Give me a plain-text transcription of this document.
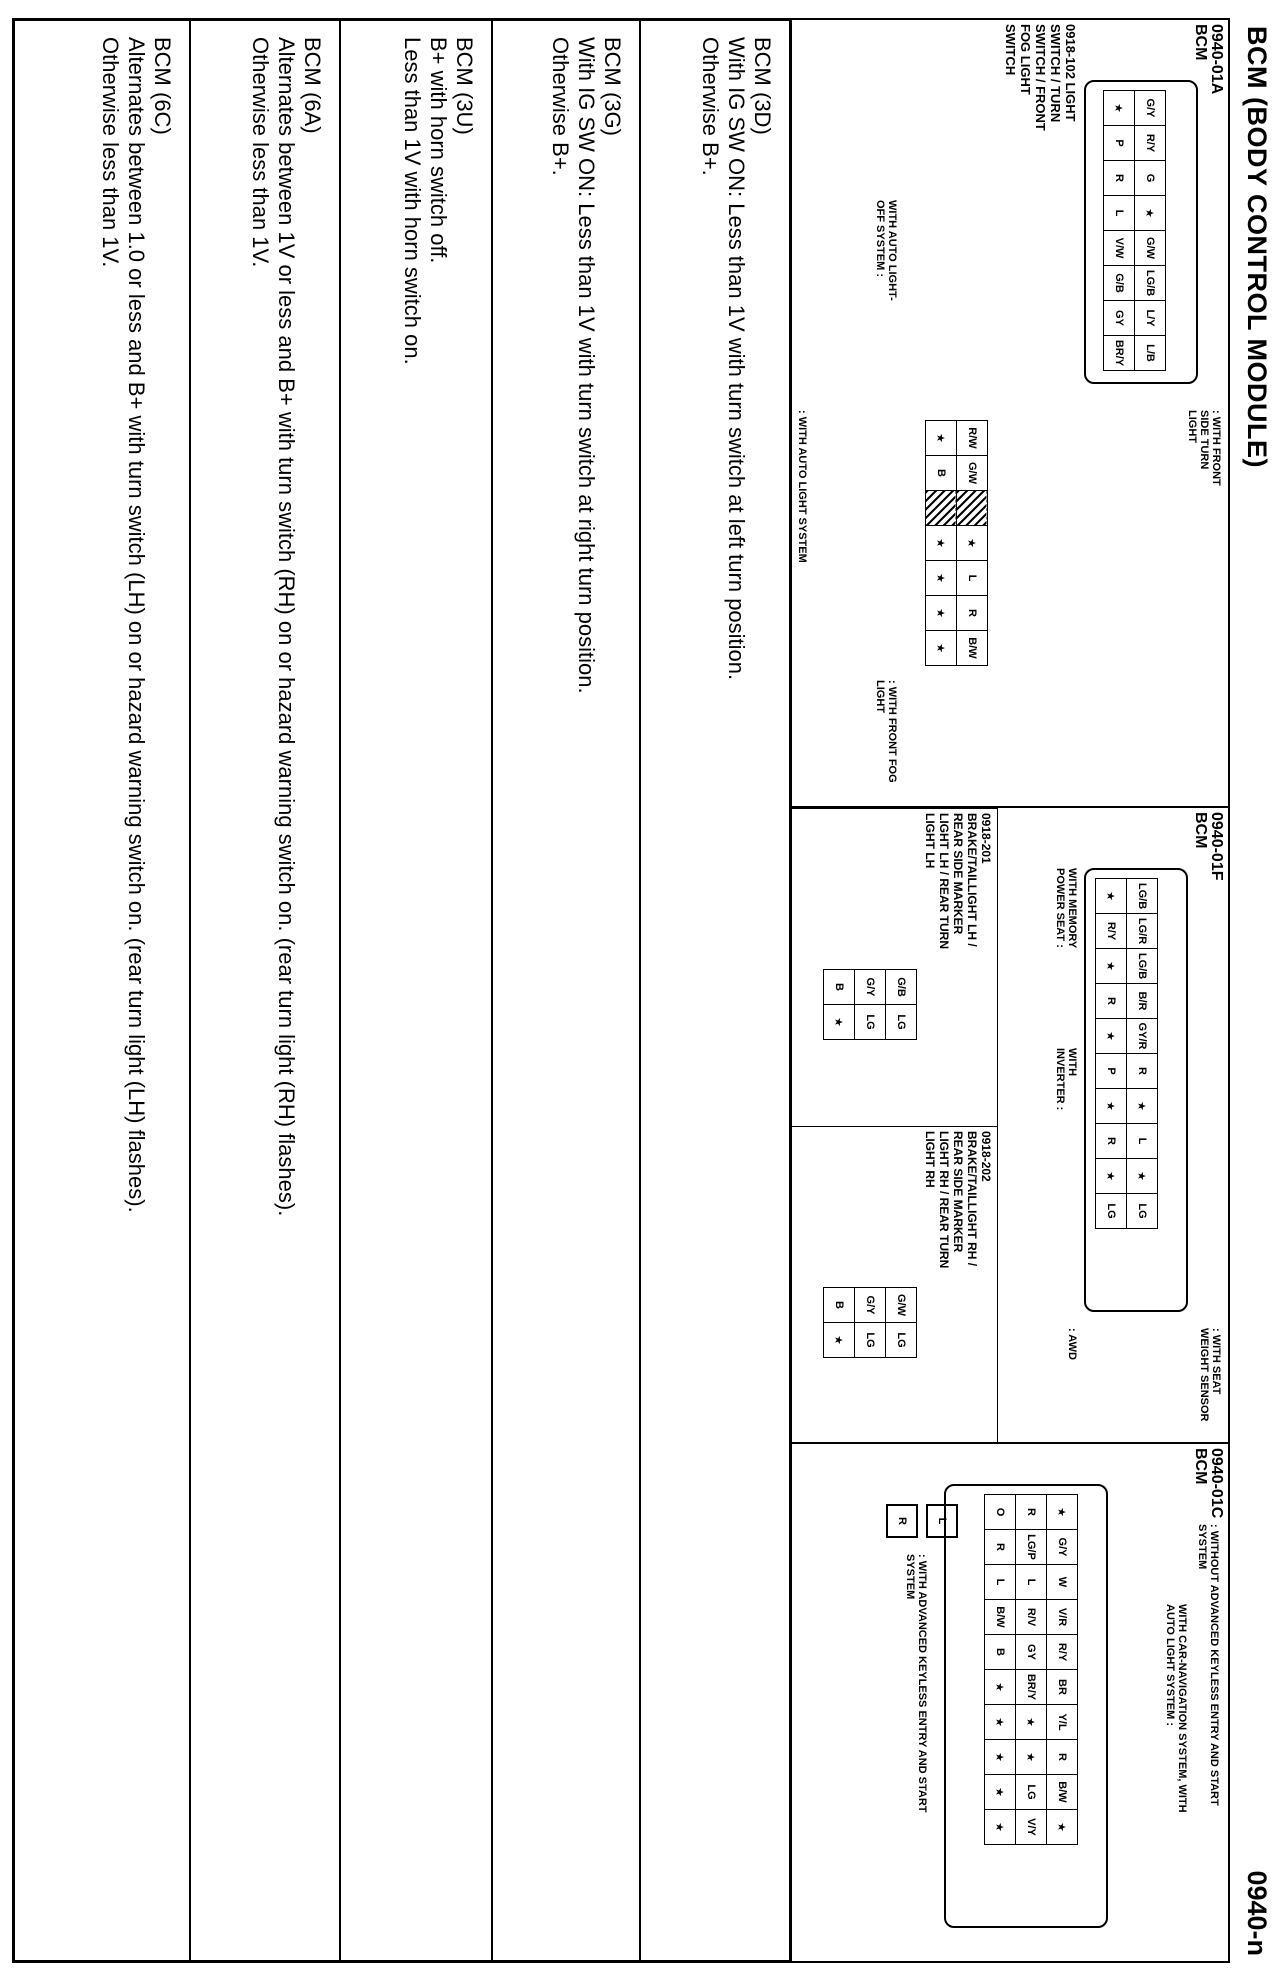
BCM (BODY CONTROL MODULE)
0940-n
0940-01A
BCM
G/Y	R/Y	G	★	G/W	LG/B	L/Y	L/B
★	P	R	L	V/W	G/B	GY	BR/Y
0918-102 LIGHT SWITCH / TURN SWITCH / FRONT FOG LIGHT SWITCH
: WITH FRONT SIDE TURN LIGHT
R/W	G/W		★	L	R	B/W
★	B		★	★	★	★
: WITH FRONT FOG LIGHT
WITH AUTO LIGHT-OFF SYSTEM :
: WITH AUTO LIGHT SYSTEM
0940-01F
BCM
LG/B	LG/R	LG/B	B/R	GY/R	R	★	L	★	LG
★	R/Y	★	R	★	P	★	R	★	LG
: WITH SEAT WEIGHT SENSOR
WITH MEMORY POWER SEAT :
WITH INVERTER :
: AWD
0918-201 BRAKE/TAILLIGHT LH / REAR SIDE MARKER LIGHT LH / REAR TURN LIGHT LH
G/B	LG
G/Y	LG
B	★
0918-202 BRAKE/TAILLIGHT RH / REAR SIDE MARKER LIGHT RH / REAR TURN LIGHT RH
G/W	LG
G/Y	LG
B	★
0940-01C
BCM
: WITHOUT ADVANCED KEYLESS ENTRY AND START SYSTEM
WITH CAR-NAVIGATION SYSTEM, WITH AUTO LIGHT SYSTEM :
★	G/Y	W	V/R	R/Y	BR	Y/L	R	B/W	★
R	LG/P	L	R/V	GY	BR/Y	★	★	LG	V/Y
O	R	L	B/W	B	★	★	★	★	★
L
R
: WITH ADVANCED KEYLESS ENTRY AND START SYSTEM
BCM (3D)
With IG SW ON: Less than 1V with turn switch at left turn position.
Otherwise B+.
BCM (3G)
With IG SW ON: Less than 1V with turn switch at right turn position.
Otherwise B+.
BCM (3U)
B+ with horn switch off.
Less than 1V with horn switch on.
BCM (6A)
Alternates between 1V or less and B+ with turn switch (RH) on or hazard warning switch on. (rear turn light (RH) flashes).
Otherwise less than 1V.
BCM (6C)
Alternates between 1.0 or less and B+ with turn switch (LH) on or hazard warning switch on. (rear turn light (LH) flashes).
Otherwise less than 1V.
